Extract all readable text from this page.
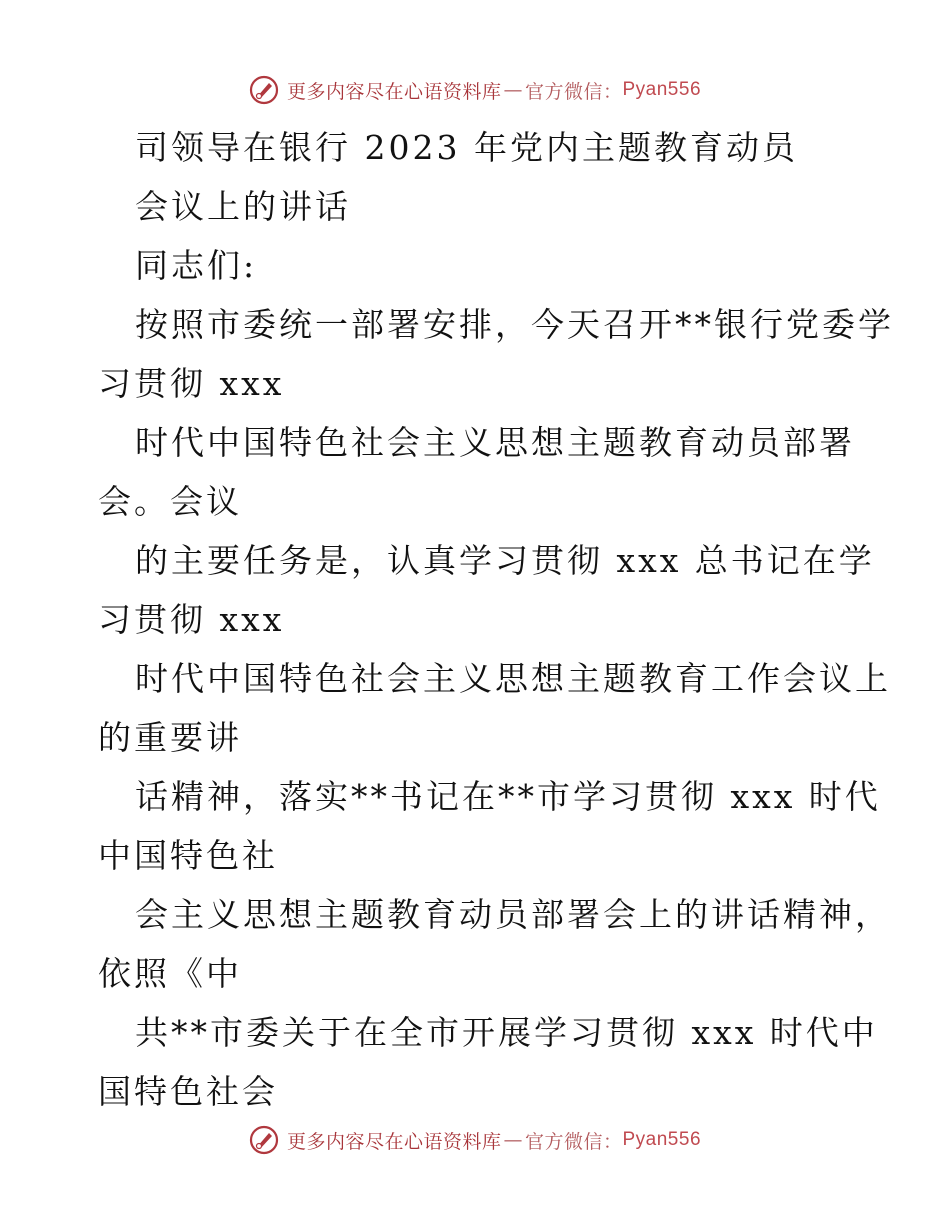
更多内容尽在心语资料库 — 官方微信： Pyan556
司领导在银行 2023 年党内主题教育动员
会议上的讲话
同志们:
按照市委统一部署安排，今天召开**银行党委学
习贯彻 xxx
时代中国特色社会主义思想主题教育动员部署
会。会议
的主要任务是，认真学习贯彻 xxx 总书记在学
习贯彻 xxx
时代中国特色社会主义思想主题教育工作会议上
的重要讲
话精神，落实**书记在**市学习贯彻 xxx 时代
中国特色社
会主义思想主题教育动员部署会上的讲话精神，
依照《中
共**市委关于在全市开展学习贯彻 xxx 时代中
国特色社会
更多内容尽在心语资料库 — 官方微信： Pyan556
